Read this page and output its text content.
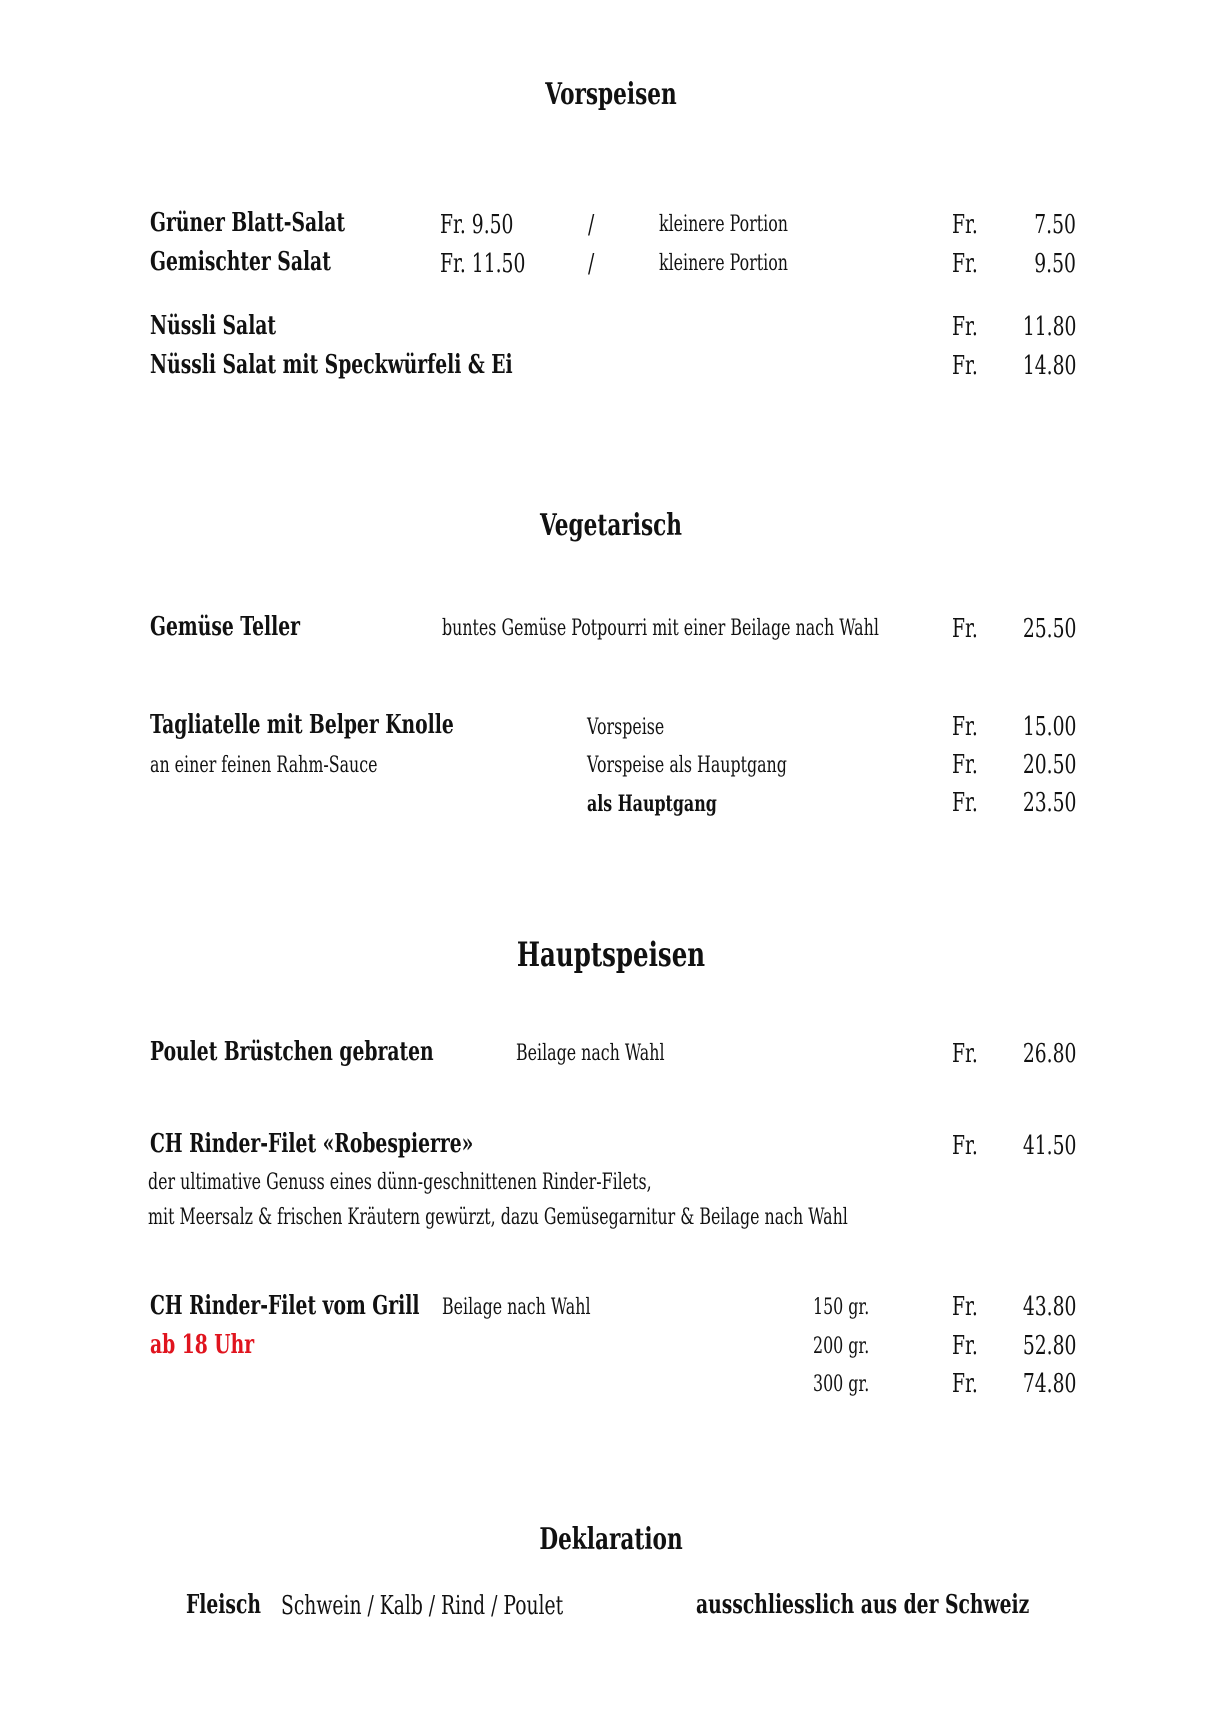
Vorspeisen
Grüner Blatt-Salat	Fr. 9.50	/	kleinere Portion	Fr. 7.50
Gemischter Salat	Fr. 11.50 /	kleinere Portion	Fr. 9.50
Nüssli Salat	Fr. 11.80
Nüssli Salat mit Speckwürfeli & Ei	Fr. 14.80
Vegetarisch
Gemüse Teller	buntes Gemüse Potpourri mit einer Beilage nach Wahl	Fr. 25.50
Tagliatelle mit Belper Knolle
an einer feinen Rahm-Sauce
Vorspeise	Fr. 15.00
Vorspeise als Hauptgang	Fr. 20.50
als Hauptgang	Fr. 23.50
Hauptspeisen
Poulet Brüstchen gebraten	Beilage nach Wahl	Fr. 26.80
CH Rinder-Filet «Robespierre»	Fr. 41.50
der ultimative Genuss eines dünn-geschnittenen Rinder-Filets,
mit Meersalz & frischen Kräutern gewürzt, dazu Gemüsegarnitur & Beilage nach Wahl
CH Rinder-Filet vom Grill Beilage nach Wahl
ab 18 Uhr
150 gr.	Fr. 43.80
200 gr.	Fr. 52.80
300 gr.	Fr. 74.80
Deklaration
Fleisch Schwein / Kalb / Rind / Poulet	ausschliesslich aus der Schweiz
